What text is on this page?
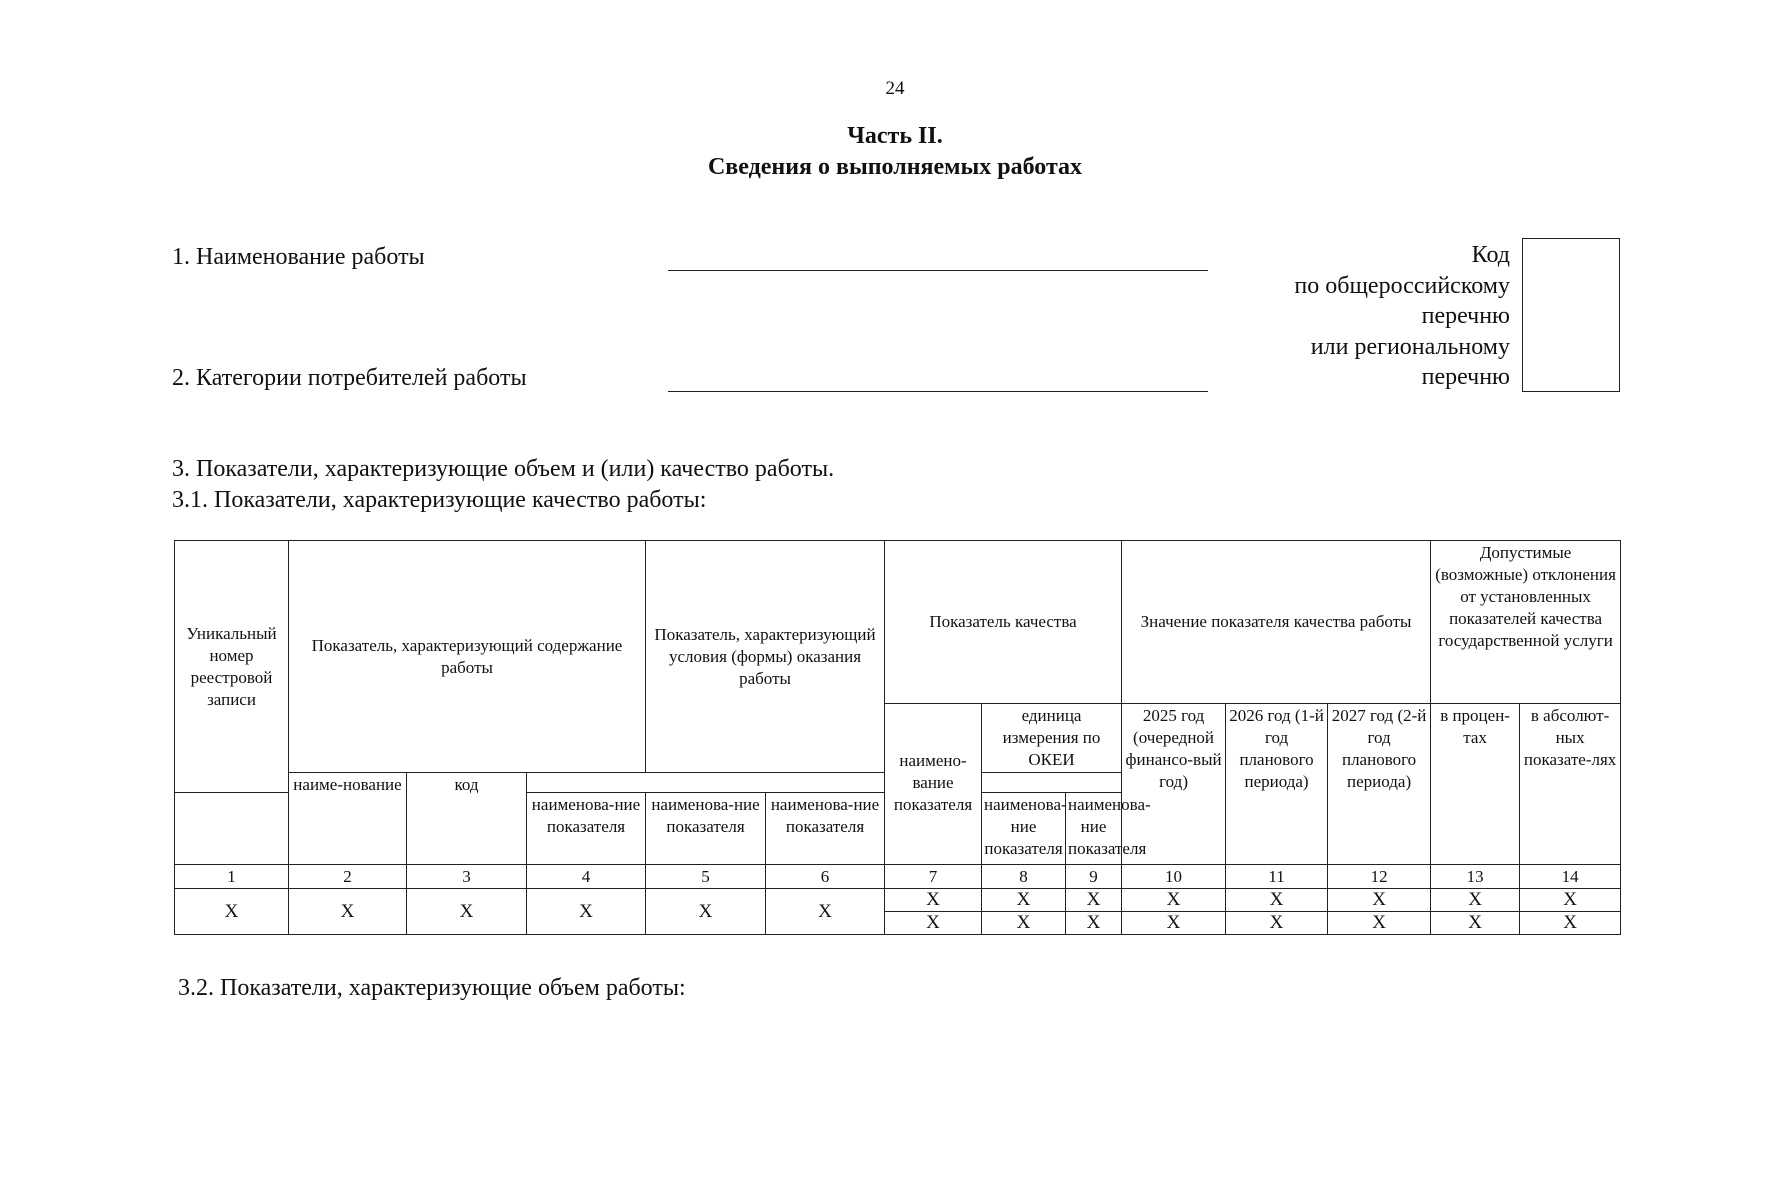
24
Часть II.
Сведения о выполняемых работах
1. Наименование работы
2. Категории потребителей работы
Код
по общероссийскому
перечню
или региональному
перечню
3. Показатели, характеризующие объем и (или) качество работы.
3.1. Показатели, характеризующие качество работы:
Уникальный номер реестровой записи	Показатель, характеризующий содержание работы			Показатель, характеризующий условия (формы) оказания работы		Показатель качества			Значение показателя качества работы			Допустимые (возможные) отклонения от установленных показателей качества государственной услуги	
						наимено-вание показателя	единица измерения по ОКЕИ		2025 год (очередной финансо-вый год)	2026 год (1-й год планового периода)	2027 год (2-й год планового периода)	в процен-тах	в абсолют-ных показате-лях
	наиме-нование	код											
			наименова-ние показателя	наименова-ние показателя	наименова-ние показателя		наименова-ние показателя	наименова-ние показателя					
1	2	3	4	5	6	7	8	9	10	11	12	13	14
X	X	X	X	X	X	X	X	X	X	X	X	X	X
						X	X	X	X	X	X	X	X
3.2. Показатели, характеризующие объем работы:
